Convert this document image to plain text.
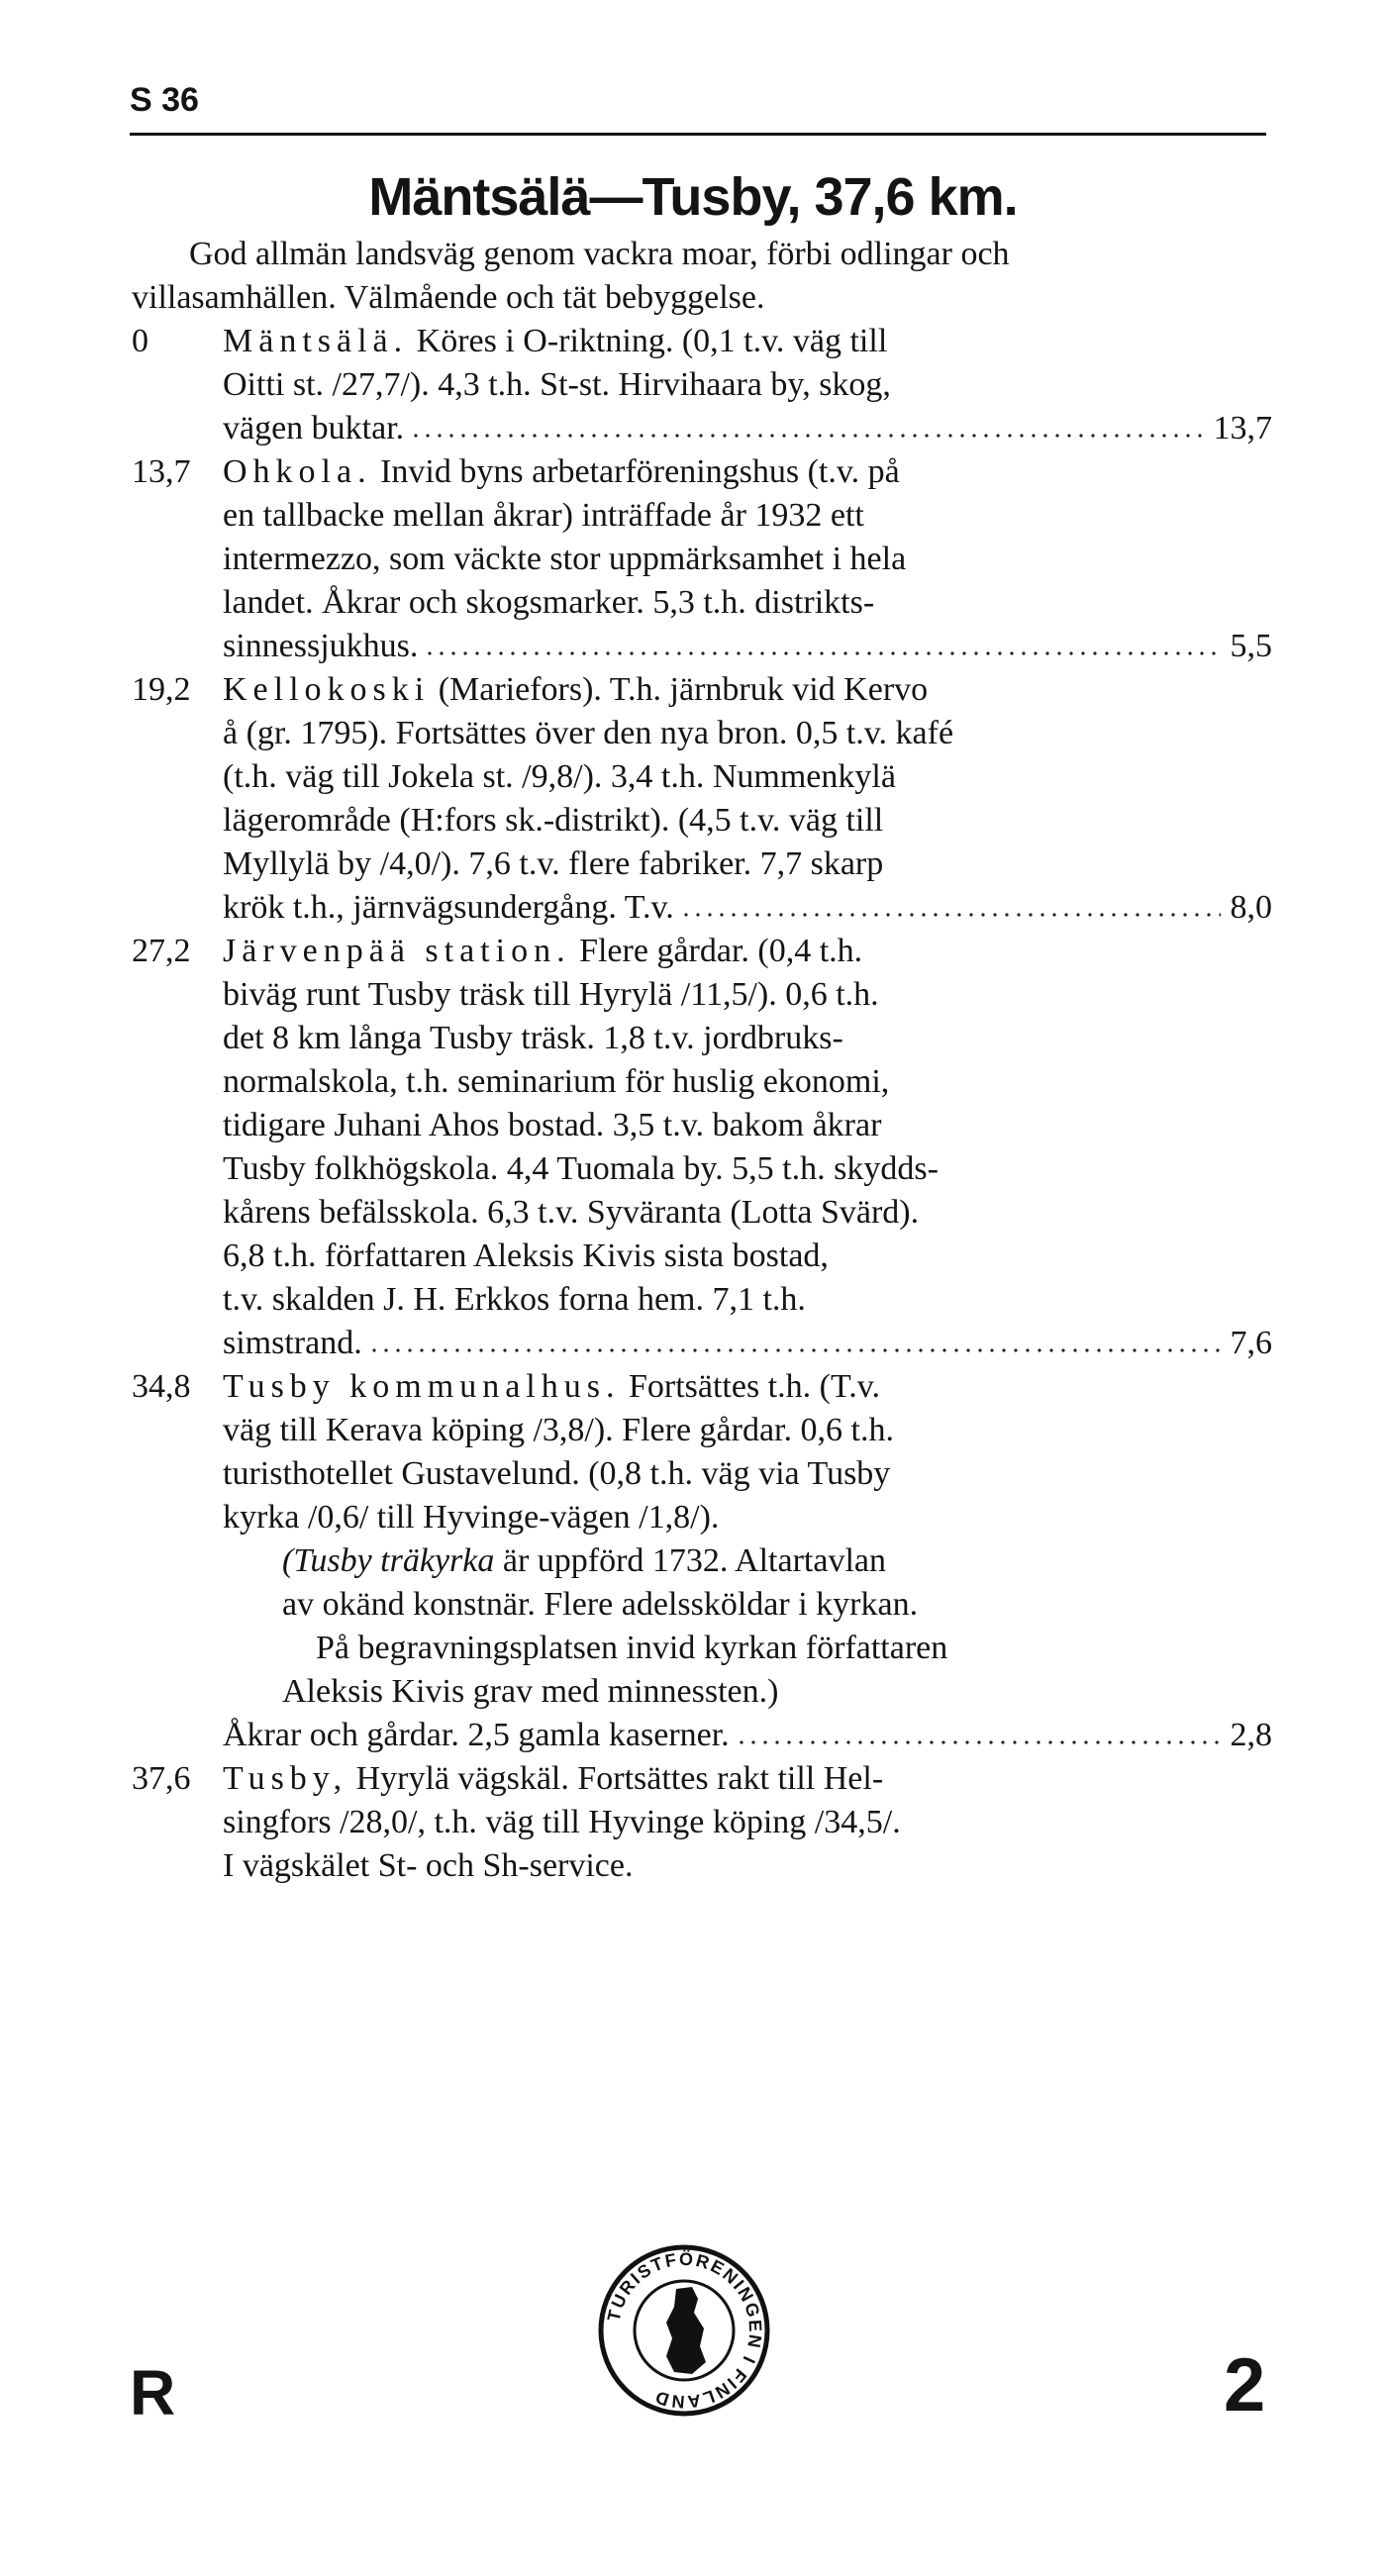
S 36
Mäntsälä—Tusby, 37,6 km.
God allmän landsväg genom vackra moar, förbi odlingar och
villasamhällen. Välmående och tät bebyggelse.
0	Mäntsälä. Köres i O-riktning. (0,1 t.v. väg till
Oitti st. /27,7/). 4,3 t.h. St-st. Hirvihaara by, skog,
vägen buktar.	13,7
13,7 Ohkola. Invid byns arbetarföreningshus (t.v. på
en tallbacke mellan åkrar) inträffade år 1932 ett
intermezzo, som väckte stor uppmärksamhet i hela
landet. Åkrar och skogsmarker. 5,3 t.h. distrikts-
sinnessjukhus.	5,5
19,2 Kellokoski (Mariefors). T.h. järnbruk vid Kervo
å (gr. 1795). Fortsättes över den nya bron. 0,5 t.v. kafé
(t.h. väg till Jokela st. /9,8/). 3,4 t.h. Nummenkylä
lägerområde (H:fors sk.-distrikt). (4,5 t.v. väg till
Myllylä by /4,0/). 7,6 t.v. flere fabriker. 7,7 skarp
krök t.h., järnvägsundergång. T.v.	8,0
27,2 Järvenpää station. Flere gårdar. (0,4 t.h.
biväg runt Tusby träsk till Hyrylä /11,5/). 0,6 t.h.
det 8 km långa Tusby träsk. 1,8 t.v. jordbruks-
normalskola, t.h. seminarium för huslig ekonomi,
tidigare Juhani Ahos bostad. 3,5 t.v. bakom åkrar
Tusby folkhögskola. 4,4 Tuomala by. 5,5 t.h. skydds-
kårens befälsskola. 6,3 t.v. Syväranta (Lotta Svärd).
6,8 t.h. författaren Aleksis Kivis sista bostad,
t.v. skalden J. H. Erkkos forna hem. 7,1 t.h.
simstrand.	7,6
34,8 Tusby kommunalhus. Fortsättes t.h. (T.v.
väg till Kerava köping /3,8/). Flere gårdar. 0,6 t.h.
turisthotellet Gustavelund. (0,8 t.h. väg via Tusby
kyrka /0,6/ till Hyvinge-vägen /1,8/).
(Tusby träkyrka är uppförd 1732. Altartavlan
av okänd konstnär. Flere adelssköldar i kyrkan.
På begravningsplatsen invid kyrkan författaren
Aleksis Kivis grav med minnessten.)
Åkrar och gårdar. 2,5 gamla kaserner.	2,8
37,6 Tusby, Hyrylä vägskäl. Fortsättes rakt till Hel-
singfors /28,0/, t.h. väg till Hyvinge köping /34,5/.
I vägskälet St- och Sh-service.
R
TURISTFÖRENINGEN I FINLAND	2
